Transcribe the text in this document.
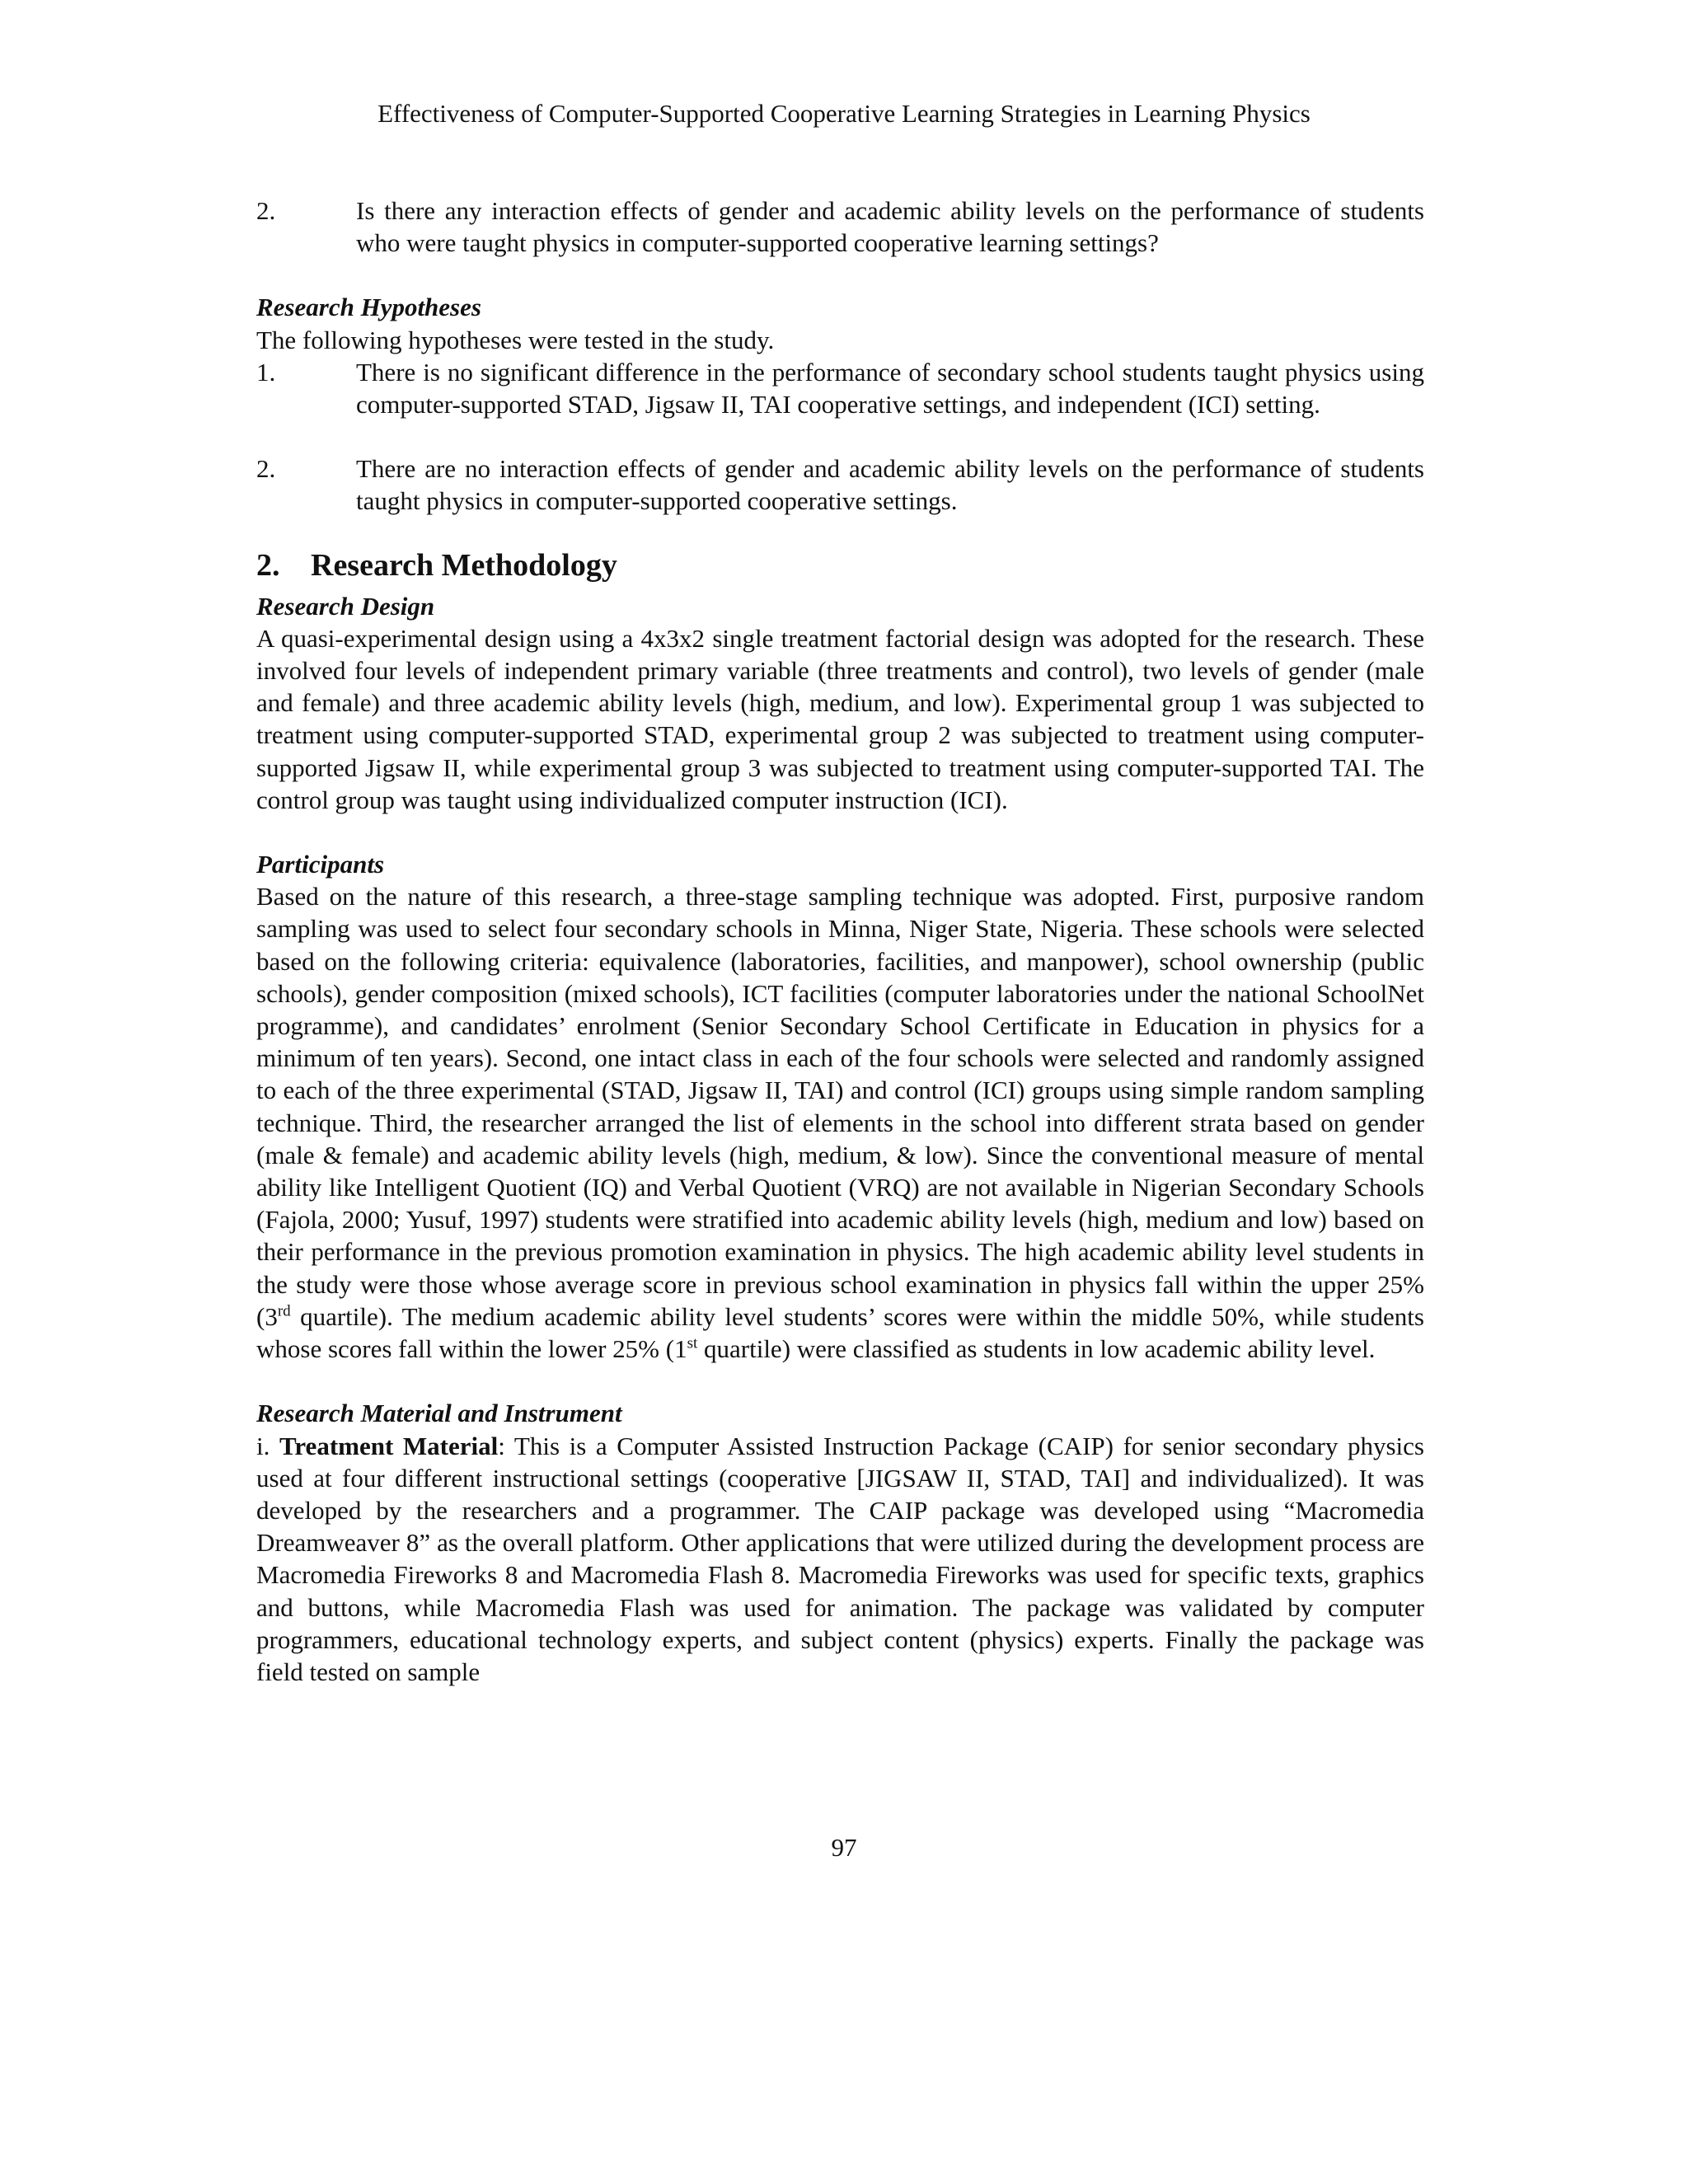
Effectiveness of Computer-Supported Cooperative Learning Strategies in Learning Physics
2.	Is there any interaction effects of gender and academic ability levels on the performance of students who were taught physics in computer-supported cooperative learning settings?

Research Hypotheses

The following hypotheses were tested in the study.

1.	There is no significant difference in the performance of secondary school students taught physics using computer-supported STAD, Jigsaw II, TAI cooperative settings, and independent (ICI) setting.
2.	There are no interaction effects of gender and academic ability levels on the performance of students taught physics in computer-supported cooperative settings.
2. Research Methodology

Research Design

A quasi-experimental design using a 4x3x2 single treatment factorial design was adopted for the research. These involved four levels of independent primary variable (three treatments and control), two levels of gender (male and female) and three academic ability levels (high, medium, and low). Experimental group 1 was subjected to treatment using computer-supported STAD, experimental group 2 was subjected to treatment using computer-supported Jigsaw II, while experimental group 3 was subjected to treatment using computer-supported TAI. The control group was taught using individualized computer instruction (ICI).

Participants

Based on the nature of this research, a three-stage sampling technique was adopted. First, purposive random sampling was used to select four secondary schools in Minna, Niger State, Nigeria. These schools were selected based on the following criteria: equivalence (laboratories, facilities, and manpower), school ownership (public schools), gender composition (mixed schools), ICT facilities (computer laboratories under the national SchoolNet programme), and candidates’ enrolment (Senior Secondary School Certificate in Education in physics for a minimum of ten years). Second, one intact class in each of the four schools were selected and randomly assigned to each of the three experimental (STAD, Jigsaw II, TAI) and control (ICI) groups using simple random sampling technique. Third, the researcher arranged the list of elements in the school into different strata based on gender (male & female) and academic ability levels (high, medium, & low). Since the conventional measure of mental ability like Intelligent Quotient (IQ) and Verbal Quotient (VRQ) are not available in Nigerian Secondary Schools (Fajola, 2000; Yusuf, 1997) students were stratified into academic ability levels (high, medium and low) based on their performance in the previous promotion examination in physics. The high academic ability level students in the study were those whose average score in previous school examination in physics fall within the upper 25% (3rd quartile). The medium academic ability level students’ scores were within the middle 50%, while students whose scores fall within the lower 25% (1st quartile) were classified as students in low academic ability level.

Research Material and Instrument

i. Treatment Material: This is a Computer Assisted Instruction Package (CAIP) for senior secondary physics used at four different instructional settings (cooperative [JIGSAW II, STAD, TAI] and individualized). It was developed by the researchers and a programmer. The CAIP package was developed using “Macromedia Dreamweaver 8” as the overall platform. Other applications that were utilized during the development process are Macromedia Fireworks 8 and Macromedia Flash 8. Macromedia Fireworks was used for specific texts, graphics and buttons, while Macromedia Flash was used for animation. The package was validated by computer programmers, educational technology experts, and subject content (physics) experts. Finally the package was field tested on sample

97
